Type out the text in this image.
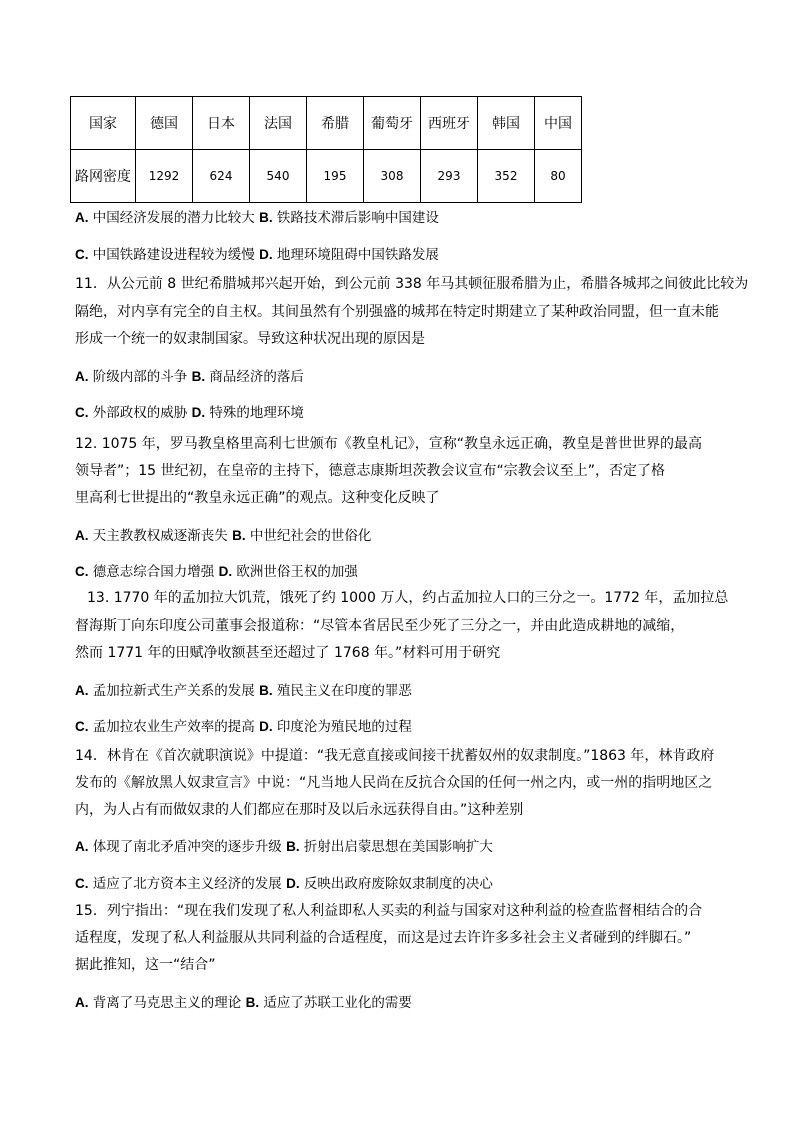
国家	德国	日本	法国	希腊	葡萄牙	西班牙	韩国	中国
路网密度	1292	624	540	195	308	293	352	80
A. 中国经济发展的潜力比较大 B. 铁路技术滞后影响中国建设
C. 中国铁路建设进程较为缓慢 D. 地理环境阻碍中国铁路发展
11．从公元前 8 世纪希腊城邦兴起开始，到公元前 338 年马其顿征服希腊为止，希腊各城邦之间彼此比较为
隔绝，对内享有完全的自主权。其间虽然有个别强盛的城邦在特定时期建立了某种政治同盟，但一直未能
形成一个统一的奴隶制国家。导致这种状况出现的原因是
A. 阶级内部的斗争 B. 商品经济的落后
C. 外部政权的威胁 D. 特殊的地理环境
12. 1075 年，罗马教皇格里高利七世颁布《教皇札记》，宣称“教皇永远正确，教皇是普世世界的最高
领导者”；15 世纪初，在皇帝的主持下，德意志康斯坦茨教会议宣布“宗教会议至上”，否定了格
里高利七世提出的“教皇永远正确”的观点。这种变化反映了
A. 天主教教权威逐渐丧失 B. 中世纪社会的世俗化
C. 德意志综合国力增强 D. 欧洲世俗王权的加强
13. 1770 年的孟加拉大饥荒，饿死了约 1000 万人，约占孟加拉人口的三分之一。1772 年，孟加拉总
督海斯丁向东印度公司董事会报道称：“尽管本省居民至少死了三分之一，并由此造成耕地的减缩，
然而 1771 年的田赋净收额甚至还超过了 1768 年。”材料可用于研究
A. 孟加拉新式生产关系的发展 B. 殖民主义在印度的罪恶
C. 孟加拉农业生产效率的提高 D. 印度沦为殖民地的过程
14．林肯在《首次就职演说》中提道：“我无意直接或间接干扰蓄奴州的奴隶制度。”1863 年，林肯政府
发布的《解放黑人奴隶宣言》中说：“凡当地人民尚在反抗合众国的任何一州之内，或一州的指明地区之
内，为人占有而做奴隶的人们都应在那时及以后永远获得自由。”这种差别
A. 体现了南北矛盾冲突的逐步升级 B. 折射出启蒙思想在美国影响扩大
C. 适应了北方资本主义经济的发展 D. 反映出政府废除奴隶制度的决心
15．列宁指出：“现在我们发现了私人利益即私人买卖的利益与国家对这种利益的检查监督相结合的合
适程度，发现了私人利益服从共同利益的合适程度，而这是过去许许多多社会主义者碰到的绊脚石。”
据此推知，这一“结合”
A. 背离了马克思主义的理论 B. 适应了苏联工业化的需要
